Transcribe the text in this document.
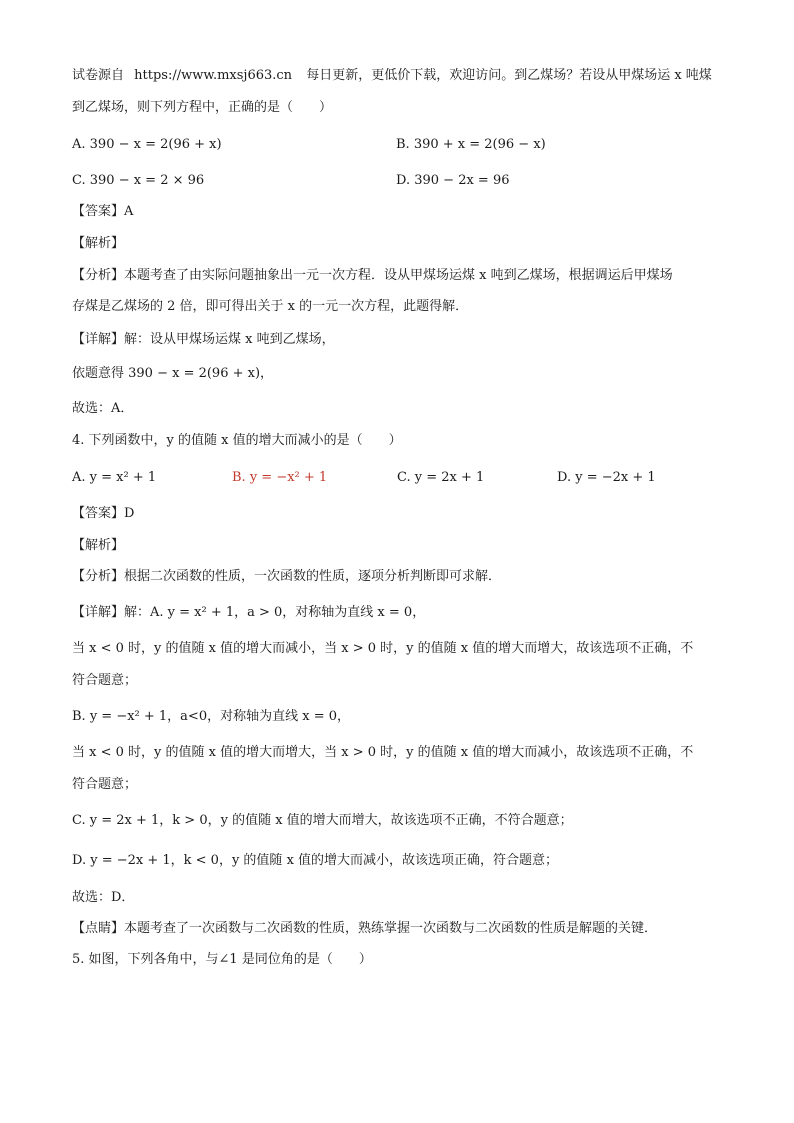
试卷源自 https://www.mxsj663.cn 每日更新，更低价下载，欢迎访问。到乙煤场？若设从甲煤场运 x 吨煤
到乙煤场，则下列方程中，正确的是（　　）
A. 390 − x = 2(96 + x)	B. 390 + x = 2(96 − x)
C. 390 − x = 2 × 96	D. 390 − 2x = 96
【答案】A
【解析】
【分析】本题考查了由实际问题抽象出一元一次方程．设从甲煤场运煤 x 吨到乙煤场，根据调运后甲煤场
存煤是乙煤场的 2 倍，即可得出关于 x 的一元一次方程，此题得解．
【详解】解：设从甲煤场运煤 x 吨到乙煤场，
依题意得 390 − x = 2(96 + x)，
故选：A．
4. 下列函数中，y 的值随 x 值的增大而减小的是（　　）
A. y = x² + 1	B. y = −x² + 1	C. y = 2x + 1	D. y = −2x + 1
【答案】D
【解析】
【分析】根据二次函数的性质，一次函数的性质，逐项分析判断即可求解．
【详解】解：A. y = x² + 1，a > 0，对称轴为直线 x = 0，
当 x < 0 时，y 的值随 x 值的增大而减小，当 x > 0 时，y 的值随 x 值的增大而增大，故该选项不正确，不
符合题意；
B. y = −x² + 1，a<0，对称轴为直线 x = 0，
当 x < 0 时，y 的值随 x 值的增大而增大，当 x > 0 时，y 的值随 x 值的增大而减小，故该选项不正确，不
符合题意；
C. y = 2x + 1，k > 0，y 的值随 x 值的增大而增大，故该选项不正确，不符合题意；
D. y = −2x + 1，k < 0，y 的值随 x 值的增大而减小，故该选项正确，符合题意；
故选：D．
【点睛】本题考查了一次函数与二次函数的性质，熟练掌握一次函数与二次函数的性质是解题的关键．
5. 如图，下列各角中，与∠1 是同位角的是（　　）
